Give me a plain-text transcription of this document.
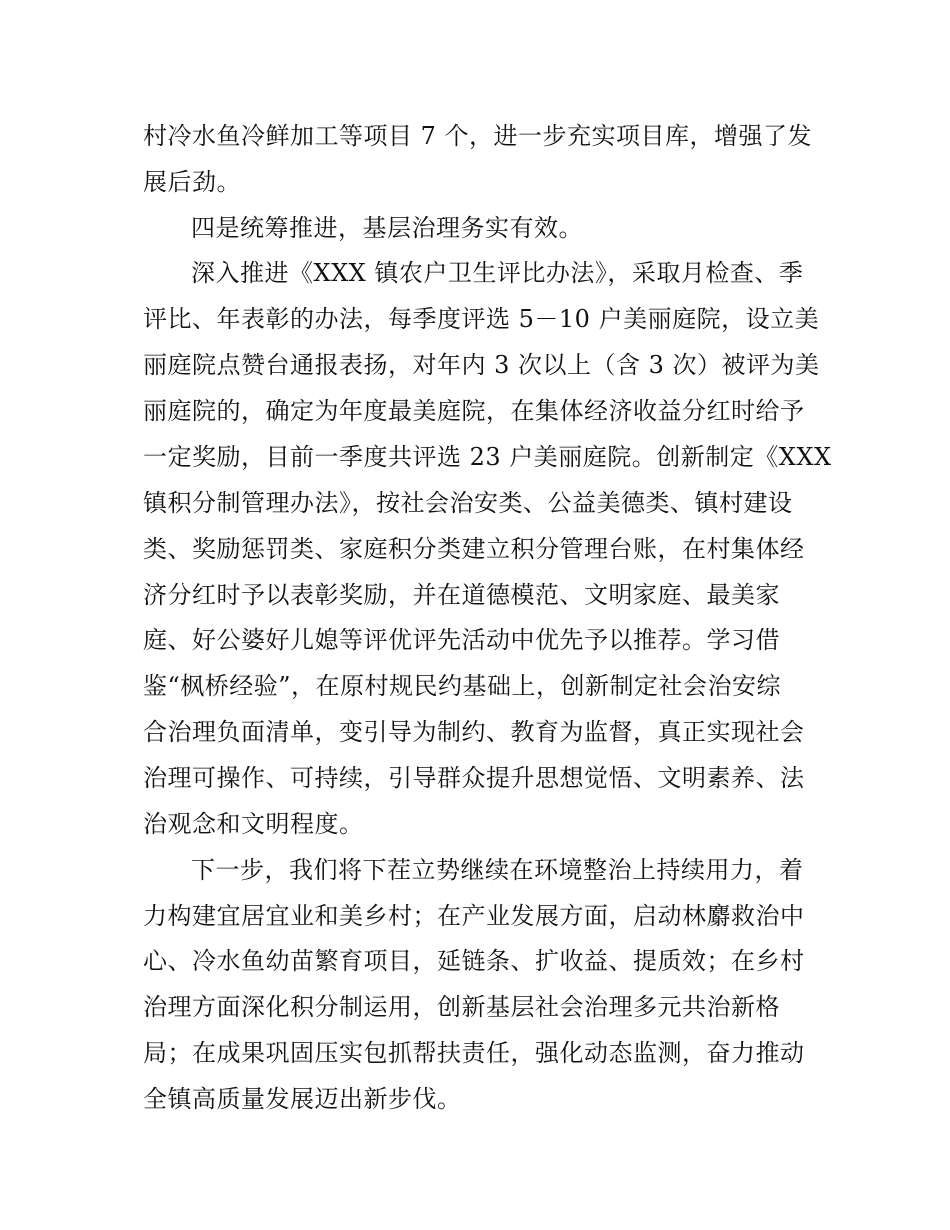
村冷水鱼冷鲜加工等项目 7 个，进一步充实项目库，增强了发
展后劲。
四是统筹推进，基层治理务实有效。
深入推进《XXX 镇农户卫生评比办法》，采取月检查、季
评比、年表彰的办法，每季度评选 5－10 户美丽庭院，设立美
丽庭院点赞台通报表扬，对年内 3 次以上（含 3 次）被评为美
丽庭院的，确定为年度最美庭院，在集体经济收益分红时给予
一定奖励，目前一季度共评选 23 户美丽庭院。创新制定《XXX
镇积分制管理办法》，按社会治安类、公益美德类、镇村建设
类、奖励惩罚类、家庭积分类建立积分管理台账，在村集体经
济分红时予以表彰奖励，并在道德模范、文明家庭、最美家
庭、好公婆好儿媳等评优评先活动中优先予以推荐。学习借
鉴“枫桥经验”，在原村规民约基础上，创新制定社会治安综
合治理负面清单，变引导为制约、教育为监督，真正实现社会
治理可操作、可持续，引导群众提升思想觉悟、文明素养、法
治观念和文明程度。
下一步，我们将下茬立势继续在环境整治上持续用力，着
力构建宜居宜业和美乡村；在产业发展方面，启动林麝救治中
心、冷水鱼幼苗繁育项目，延链条、扩收益、提质效；在乡村
治理方面深化积分制运用，创新基层社会治理多元共治新格
局；在成果巩固压实包抓帮扶责任，强化动态监测，奋力推动
全镇高质量发展迈出新步伐。
